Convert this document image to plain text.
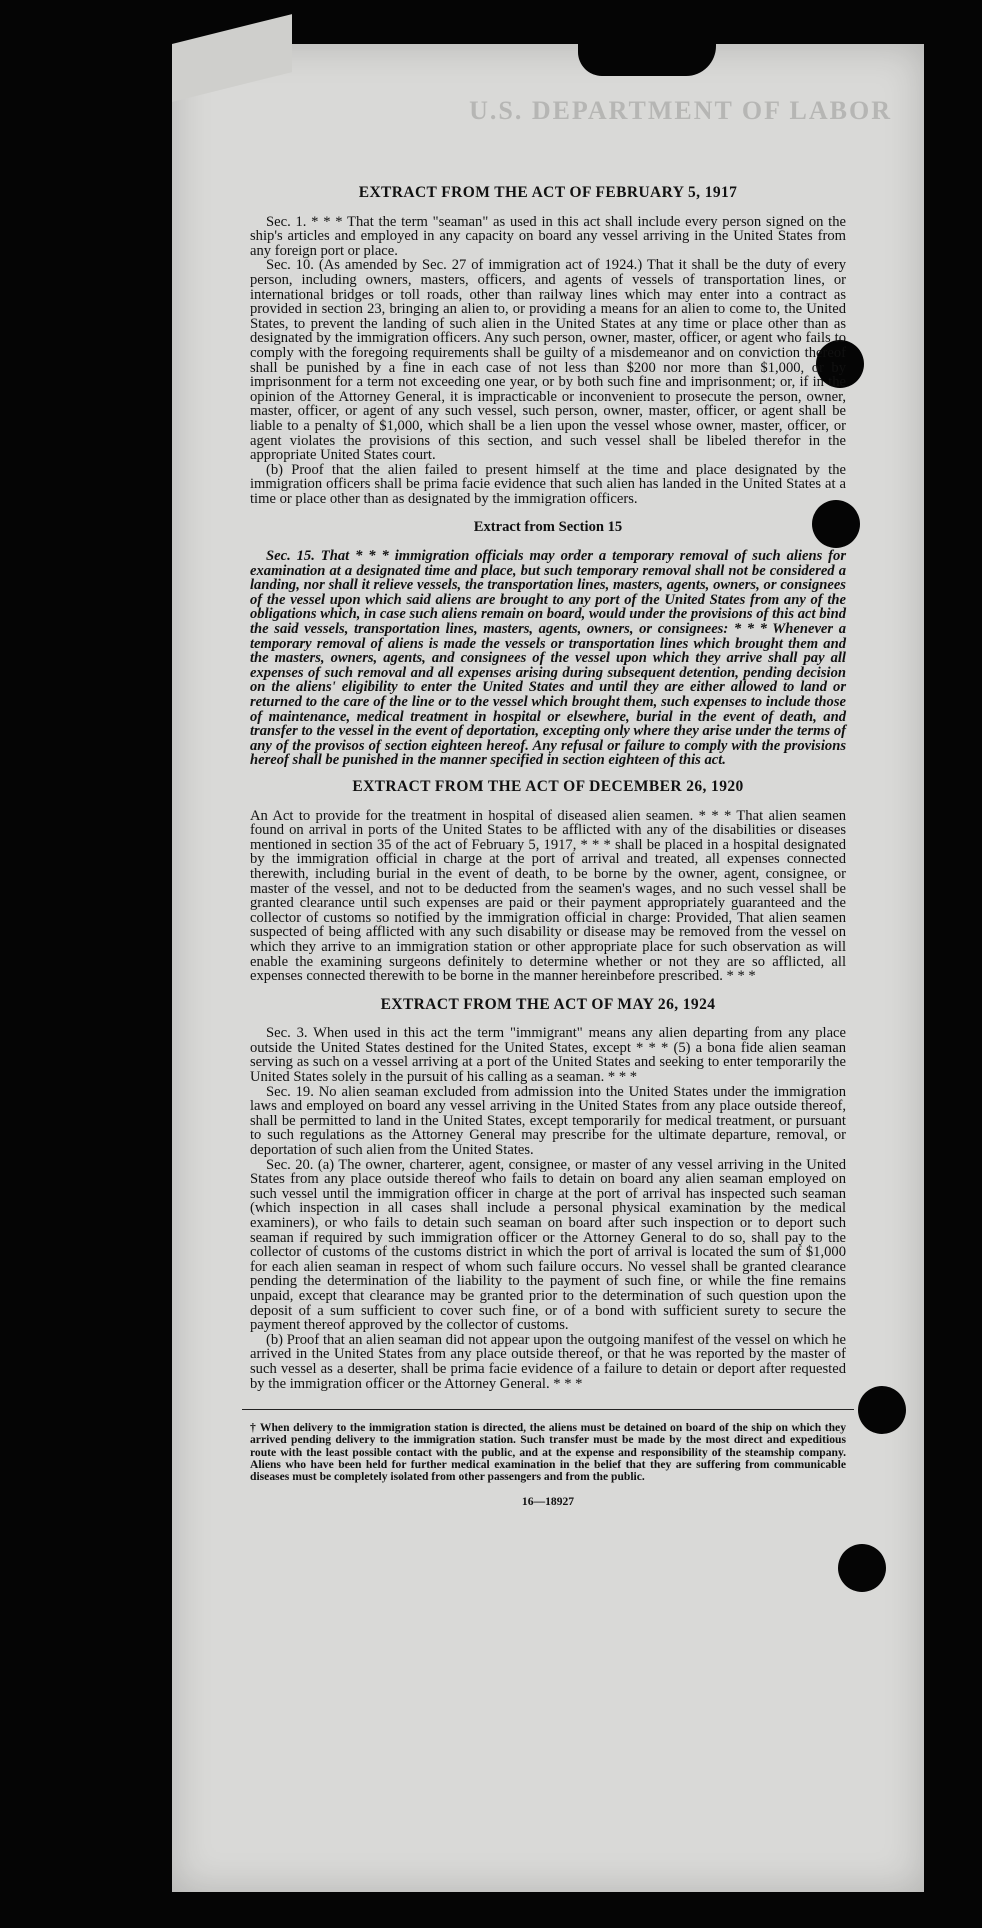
U.S. DEPARTMENT OF LABOR
EXTRACT FROM THE ACT OF FEBRUARY 5, 1917

Sec. 1. * * * That the term "seaman" as used in this act shall include every person signed on the ship's articles and employed in any capacity on board any vessel arriving in the United States from any foreign port or place.

Sec. 10. (As amended by Sec. 27 of immigration act of 1924.) That it shall be the duty of every person, including owners, masters, officers, and agents of vessels of transportation lines, or international bridges or toll roads, other than railway lines which may enter into a contract as provided in section 23, bringing an alien to, or providing a means for an alien to come to, the United States, to prevent the landing of such alien in the United States at any time or place other than as designated by the immigration officers. Any such person, owner, master, officer, or agent who fails to comply with the foregoing requirements shall be guilty of a misdemeanor and on conviction thereof shall be punished by a fine in each case of not less than $200 nor more than $1,000, or by imprisonment for a term not exceeding one year, or by both such fine and imprisonment; or, if in the opinion of the Attorney General, it is impracticable or inconvenient to prosecute the person, owner, master, officer, or agent of any such vessel, such person, owner, master, officer, or agent shall be liable to a penalty of $1,000, which shall be a lien upon the vessel whose owner, master, officer, or agent violates the provisions of this section, and such vessel shall be libeled therefor in the appropriate United States court.

(b) Proof that the alien failed to present himself at the time and place designated by the immigration officers shall be prima facie evidence that such alien has landed in the United States at a time or place other than as designated by the immigration officers.

Extract from Section 15

Sec. 15. That * * * immigration officials may order a temporary removal of such aliens for examination at a designated time and place, but such temporary removal shall not be considered a landing, nor shall it relieve vessels, the transportation lines, masters, agents, owners, or consignees of the vessel upon which said aliens are brought to any port of the United States from any of the obligations which, in case such aliens remain on board, would under the provisions of this act bind the said vessels, transportation lines, masters, agents, owners, or consignees: * * * Whenever a temporary removal of aliens is made the vessels or transportation lines which brought them and the masters, owners, agents, and consignees of the vessel upon which they arrive shall pay all expenses of such removal and all expenses arising during subsequent detention, pending decision on the aliens' eligibility to enter the United States and until they are either allowed to land or returned to the care of the line or to the vessel which brought them, such expenses to include those of maintenance, medical treatment in hospital or elsewhere, burial in the event of death, and transfer to the vessel in the event of deportation, excepting only where they arise under the terms of any of the provisos of section eighteen hereof. Any refusal or failure to comply with the provisions hereof shall be punished in the manner specified in section eighteen of this act.

EXTRACT FROM THE ACT OF DECEMBER 26, 1920

An Act to provide for the treatment in hospital of diseased alien seamen. * * * That alien seamen found on arrival in ports of the United States to be afflicted with any of the disabilities or diseases mentioned in section 35 of the act of February 5, 1917, * * * shall be placed in a hospital designated by the immigration official in charge at the port of arrival and treated, all expenses connected therewith, including burial in the event of death, to be borne by the owner, agent, consignee, or master of the vessel, and not to be deducted from the seamen's wages, and no such vessel shall be granted clearance until such expenses are paid or their payment appropriately guaranteed and the collector of customs so notified by the immigration official in charge: Provided, That alien seamen suspected of being afflicted with any such disability or disease may be removed from the vessel on which they arrive to an immigration station or other appropriate place for such observation as will enable the examining surgeons definitely to determine whether or not they are so afflicted, all expenses connected therewith to be borne in the manner hereinbefore prescribed. * * *

EXTRACT FROM THE ACT OF MAY 26, 1924

Sec. 3. When used in this act the term "immigrant" means any alien departing from any place outside the United States destined for the United States, except * * * (5) a bona fide alien seaman serving as such on a vessel arriving at a port of the United States and seeking to enter temporarily the United States solely in the pursuit of his calling as a seaman. * * *

Sec. 19. No alien seaman excluded from admission into the United States under the immigration laws and employed on board any vessel arriving in the United States from any place outside thereof, shall be permitted to land in the United States, except temporarily for medical treatment, or pursuant to such regulations as the Attorney General may prescribe for the ultimate departure, removal, or deportation of such alien from the United States.

Sec. 20. (a) The owner, charterer, agent, consignee, or master of any vessel arriving in the United States from any place outside thereof who fails to detain on board any alien seaman employed on such vessel until the immigration officer in charge at the port of arrival has inspected such seaman (which inspection in all cases shall include a personal physical examination by the medical examiners), or who fails to detain such seaman on board after such inspection or to deport such seaman if required by such immigration officer or the Attorney General to do so, shall pay to the collector of customs of the customs district in which the port of arrival is located the sum of $1,000 for each alien seaman in respect of whom such failure occurs. No vessel shall be granted clearance pending the determination of the liability to the payment of such fine, or while the fine remains unpaid, except that clearance may be granted prior to the determination of such question upon the deposit of a sum sufficient to cover such fine, or of a bond with sufficient surety to secure the payment thereof approved by the collector of customs.

(b) Proof that an alien seaman did not appear upon the outgoing manifest of the vessel on which he arrived in the United States from any place outside thereof, or that he was reported by the master of such vessel as a deserter, shall be prima facie evidence of a failure to detain or deport after requested by the immigration officer or the Attorney General. * * *

† When delivery to the immigration station is directed, the aliens must be detained on board of the ship on which they arrived pending delivery to the immigration station. Such transfer must be made by the most direct and expeditious route with the least possible contact with the public, and at the expense and responsibility of the steamship company. Aliens who have been held for further medical examination in the belief that they are suffering from communicable diseases must be completely isolated from other passengers and from the public.

16—18927
